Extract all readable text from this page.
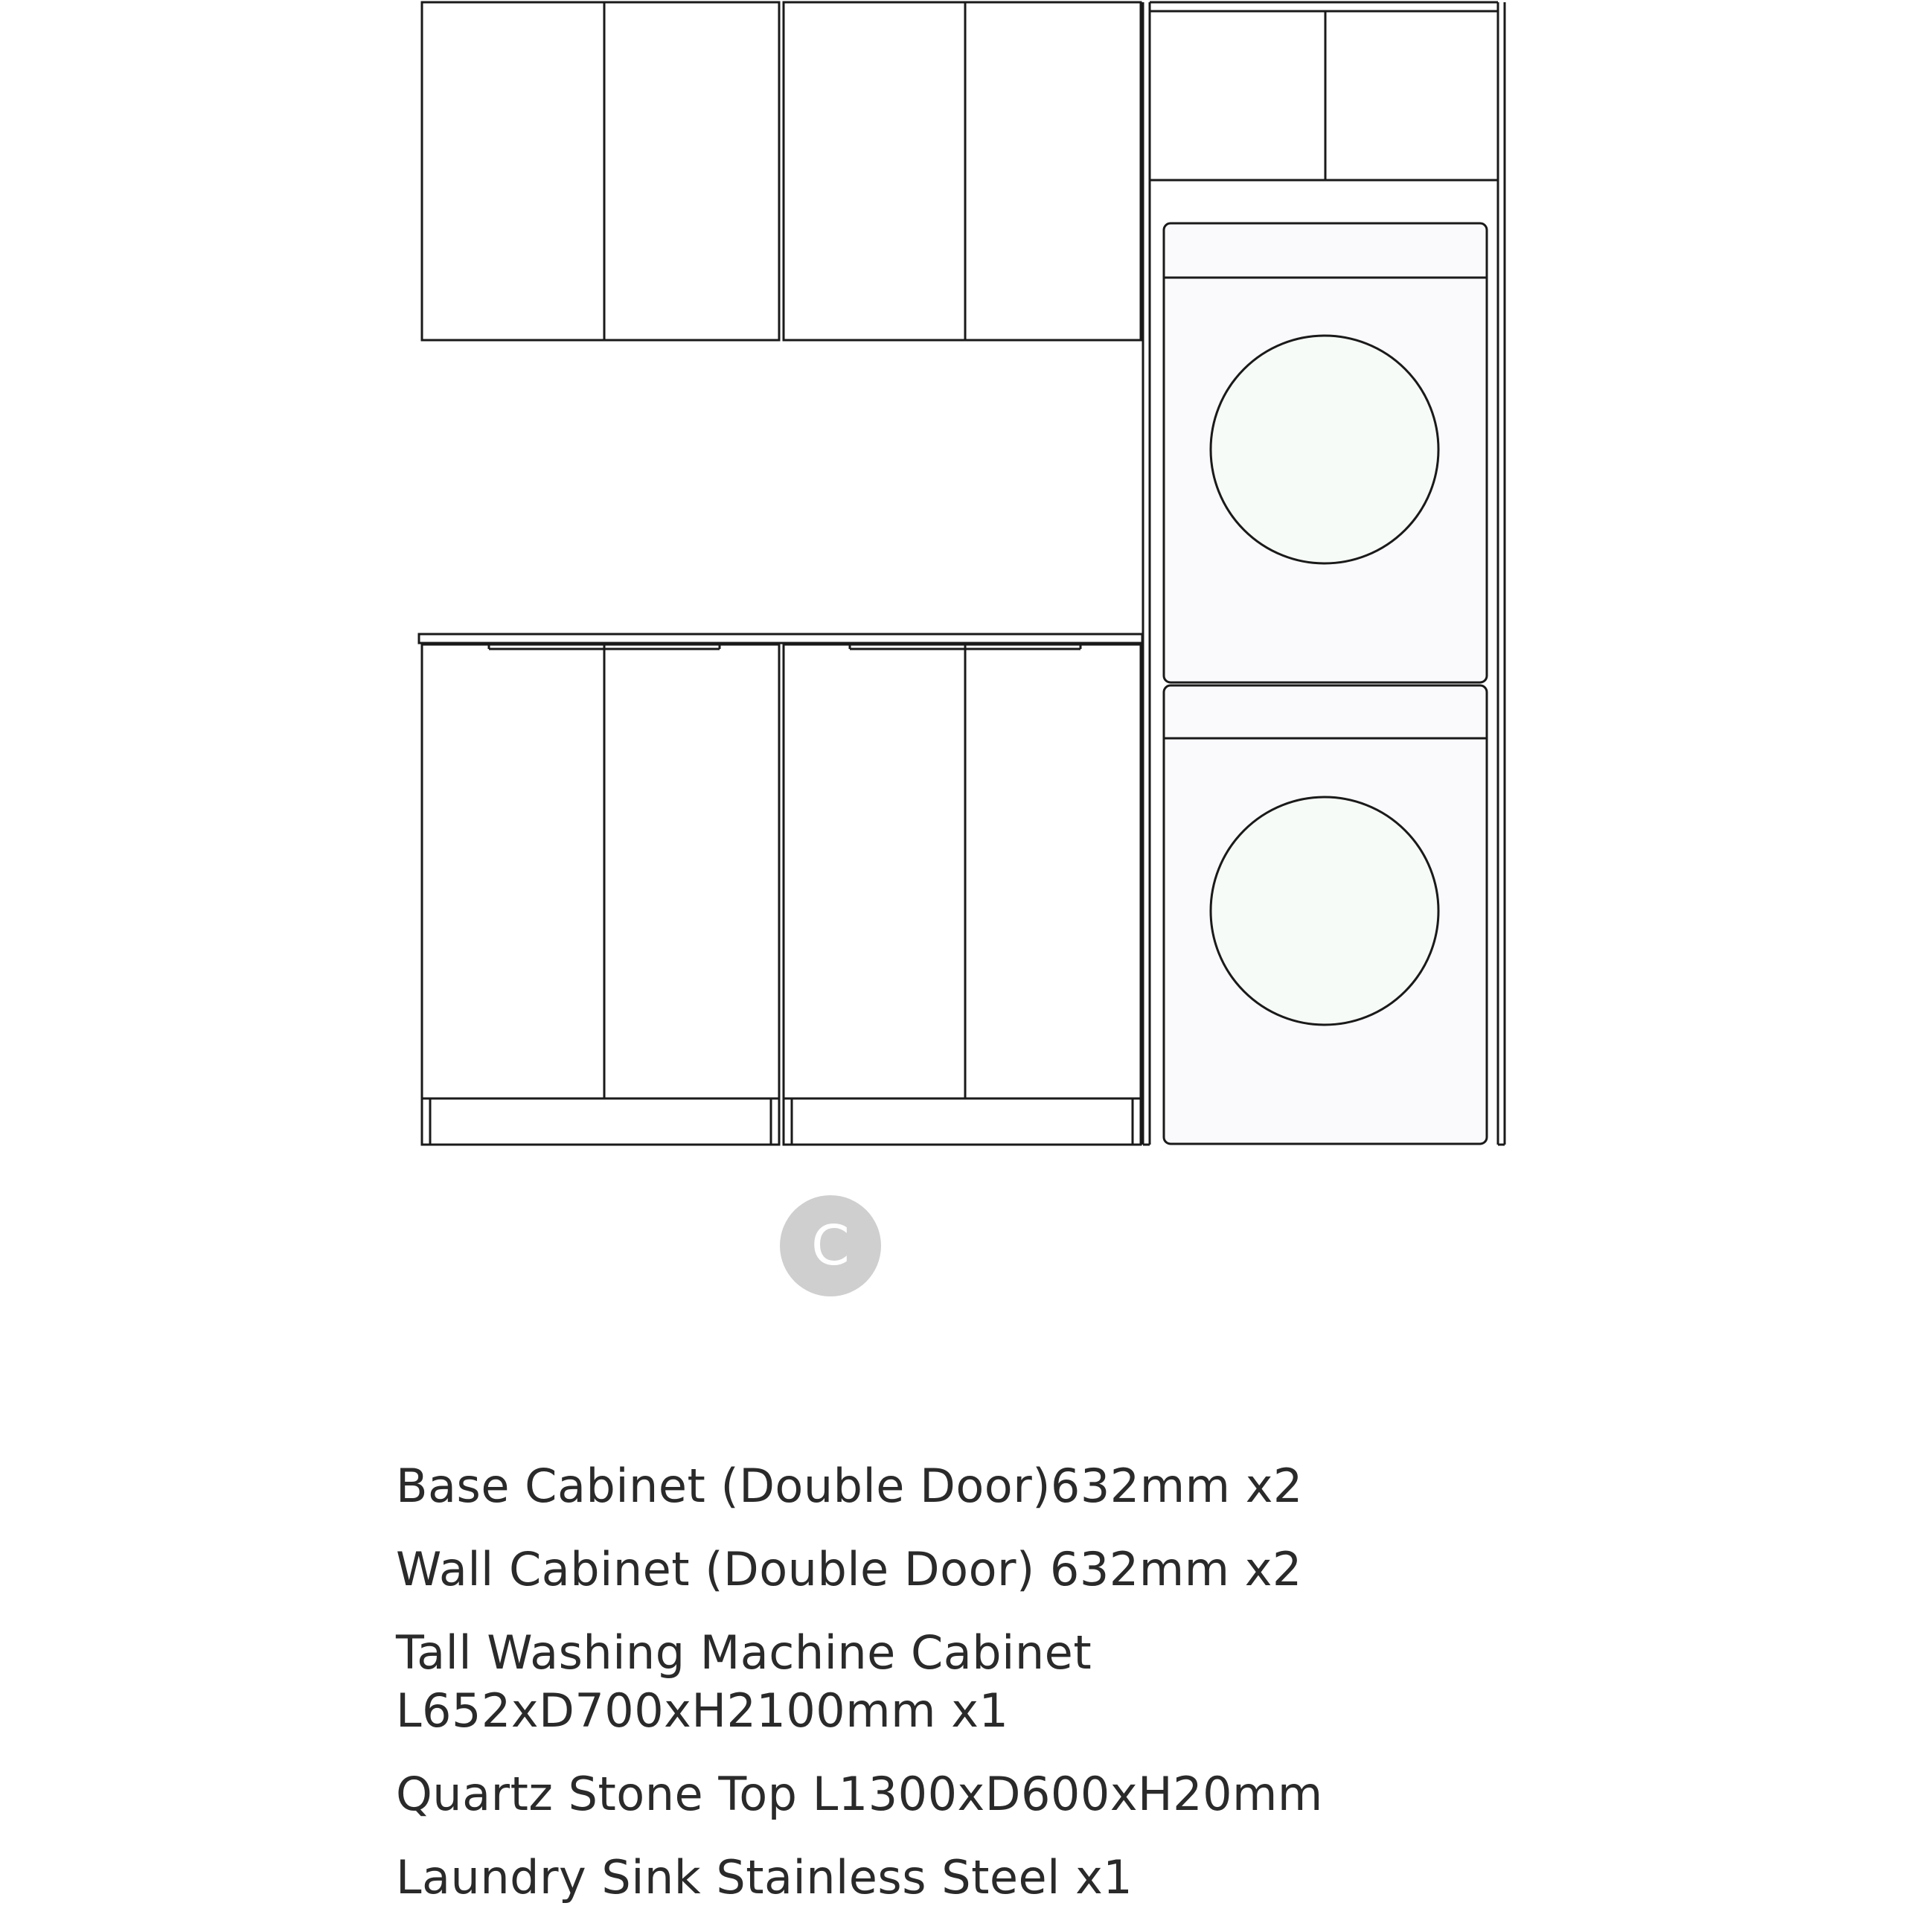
C
Base Cabinet (Double Door)632mm x2
Wall Cabinet (Double Door) 632mm x2
Tall Washing Machine Cabinet
L652xD700xH2100mm x1
Quartz Stone Top L1300xD600xH20mm
Laundry Sink Stainless Steel x1
